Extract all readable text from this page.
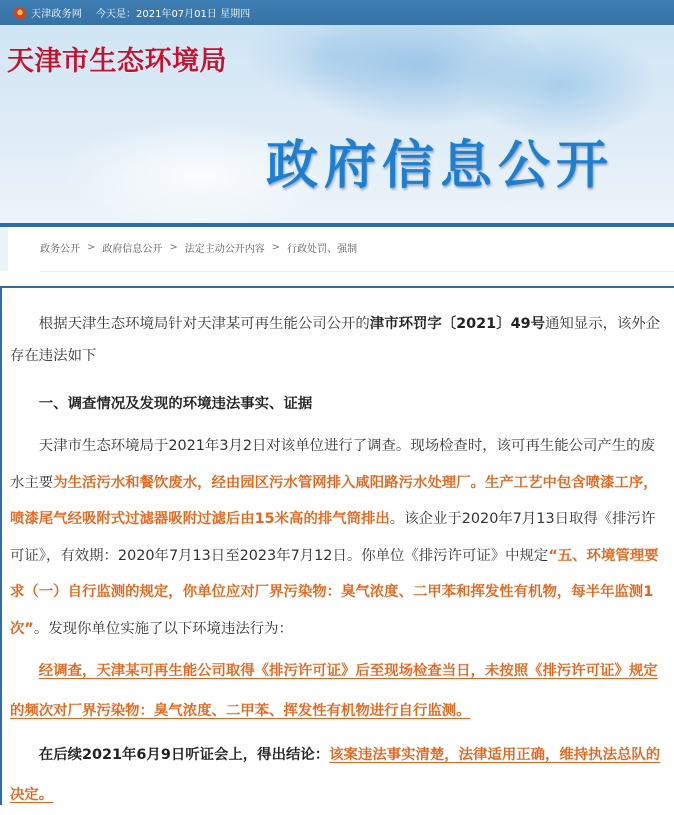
天津政务网 今天是：2021年07月01日 星期四
天津市生态环境局
政府信息公开
政务公开 > 政府信息公开 > 法定主动公开内容 > 行政处罚、强制

根据天津生态环境局针对天津某可再生能公司公开的津市环罚字〔2021〕49号通知显示，该外企存在违法如下

一、调查情况及发现的环境违法事实、证据

天津市生态环境局于2021年3月2日对该单位进行了调查。现场检查时，该可再生能公司产生的废水主要为生活污水和餐饮废水，经由园区污水管网排入咸阳路污水处理厂。生产工艺中包含喷漆工序，喷漆尾气经吸附式过滤器吸附过滤后由15米高的排气筒排出。该企业于2020年7月13日取得《排污许可证》，有效期：2020年7月13日至2023年7月12日。你单位《排污许可证》中规定“五、环境管理要求（一）自行监测的规定，你单位应对厂界污染物：臭气浓度、二甲苯和挥发性有机物，每半年监测1次”。发现你单位实施了以下环境违法行为：

经调查，天津某可再生能公司取得《排污许可证》后至现场检查当日，未按照《排污许可证》规定的频次对厂界污染物：臭气浓度、二甲苯、挥发性有机物进行自行监测。

在后续2021年6月9日听证会上，得出结论：该案违法事实清楚，法律适用正确，维持执法总队的决定。
